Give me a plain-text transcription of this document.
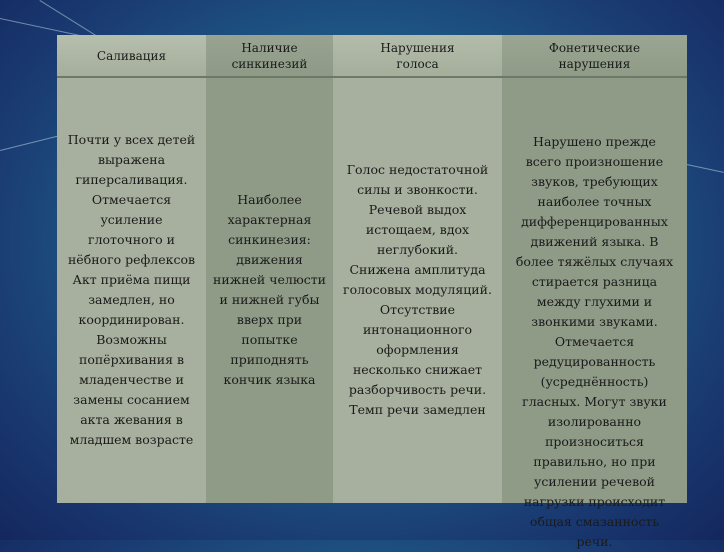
Саливация
Наличие
синкинезий
Нарушения
голоса
Фонетические
нарушения
Почти у всех детей
выражена
гиперсаливация.
Отмечается
усиление
глоточного и
нёбного рефлексов
Акт приёма пищи
замедлен, но
координирован.
Возможны
попёрхивания в
младенчестве и
замены сосанием
акта жевания в
младшем возрасте
Наиболее
характерная
синкинезия:
движения
нижней челюсти
и нижней губы
вверх при
попытке
приподнять
кончик языка
Голос недостаточной
силы и звонкости.
Речевой выдох
истощаем, вдох
неглубокий.
Снижена амплитуда
голосовых модуляций.
Отсутствие
интонационного
оформления
несколько снижает
разборчивость речи.
Темп речи замедлен
Нарушено прежде
всего произношение
звуков, требующих
наиболее точных
дифференцированных
движений языка. В
более тяжёлых случаях
стирается разница
между глухими и
звонкими звуками.
Отмечается
редуцированность
(усреднённость)
гласных. Могут звуки
изолированно
произноситься
правильно, но при
усилении речевой
нагрузки происходит
общая смазанность
речи.
